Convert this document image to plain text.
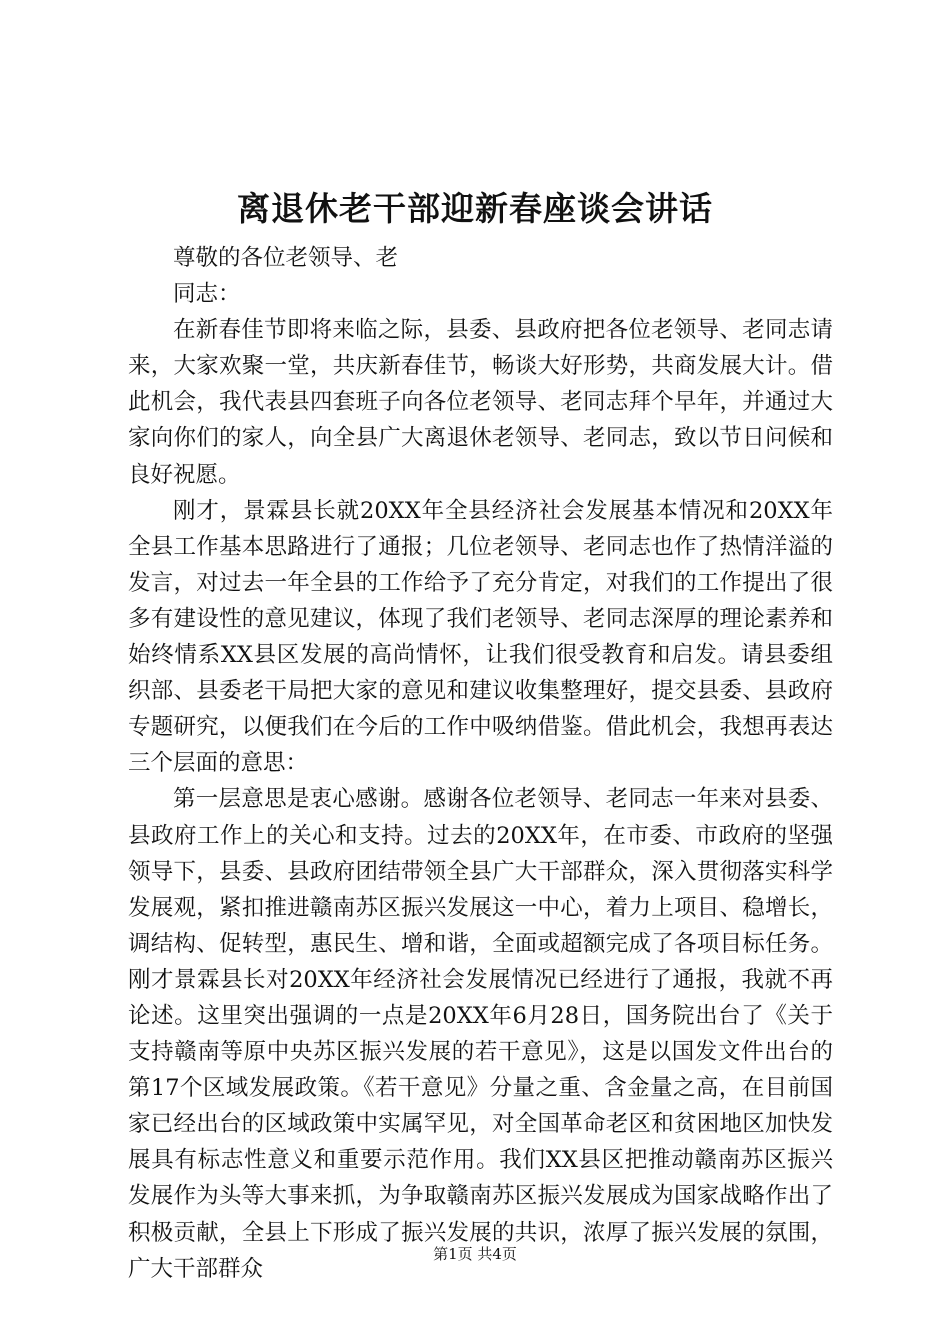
离退休老干部迎新春座谈会讲话

尊敬的各位老领导、老

同志：

在新春佳节即将来临之际，县委、县政府把各位老领导、老同志请来，大家欢聚一堂，共庆新春佳节，畅谈大好形势，共商发展大计。借此机会，我代表县四套班子向各位老领导、老同志拜个早年，并通过大家向你们的家人，向全县广大离退休老领导、老同志，致以节日问候和良好祝愿。

刚才，景霖县长就20XX年全县经济社会发展基本情况和20XX年全县工作基本思路进行了通报；几位老领导、老同志也作了热情洋溢的发言，对过去一年全县的工作给予了充分肯定，对我们的工作提出了很多有建设性的意见建议，体现了我们老领导、老同志深厚的理论素养和始终情系XX县区发展的高尚情怀，让我们很受教育和启发。请县委组织部、县委老干局把大家的意见和建议收集整理好，提交县委、县政府专题研究，以便我们在今后的工作中吸纳借鉴。借此机会，我想再表达三个层面的意思：

第一层意思是衷心感谢。感谢各位老领导、老同志一年来对县委、县政府工作上的关心和支持。过去的20XX年，在市委、市政府的坚强领导下，县委、县政府团结带领全县广大干部群众，深入贯彻落实科学发展观，紧扣推进赣南苏区振兴发展这一中心，着力上项目、稳增长，调结构、促转型，惠民生、增和谐，全面或超额完成了各项目标任务。刚才景霖县长对20XX年经济社会发展情况已经进行了通报，我就不再论述。这里突出强调的一点是20XX年6月28日，国务院出台了《关于支持赣南等原中央苏区振兴发展的若干意见》，这是以国发文件出台的第17个区域发展政策。《若干意见》分量之重、含金量之高，在目前国家已经出台的区域政策中实属罕见，对全国革命老区和贫困地区加快发展具有标志性意义和重要示范作用。我们XX县区把推动赣南苏区振兴发展作为头等大事来抓，为争取赣南苏区振兴发展成为国家战略作出了积极贡献，全县上下形成了振兴发展的共识，浓厚了振兴发展的氛围，广大干部群众

第1页 共4页
